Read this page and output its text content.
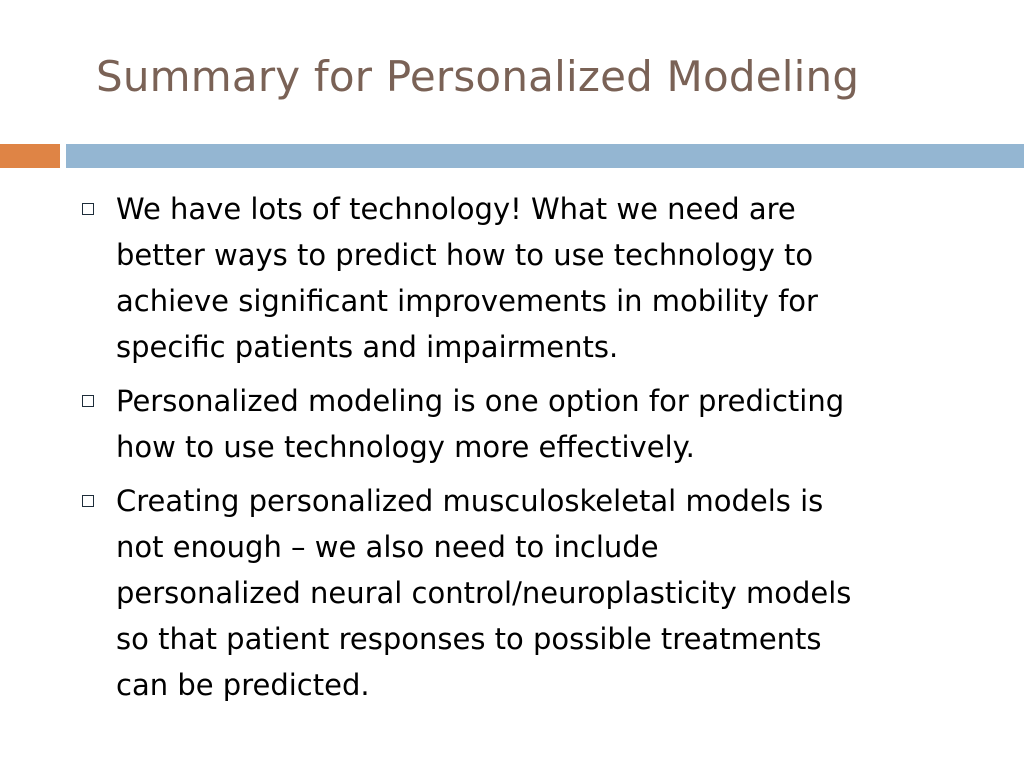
Summary for Personalized Modeling
We have lots of technology! What we need are
better ways to predict how to use technology to
achieve significant improvements in mobility for
specific patients and impairments.
Personalized modeling is one option for predicting
how to use technology more effectively.
Creating personalized musculoskeletal models is
not enough – we also need to include
personalized neural control/neuroplasticity models
so that patient responses to possible treatments
can be predicted.
